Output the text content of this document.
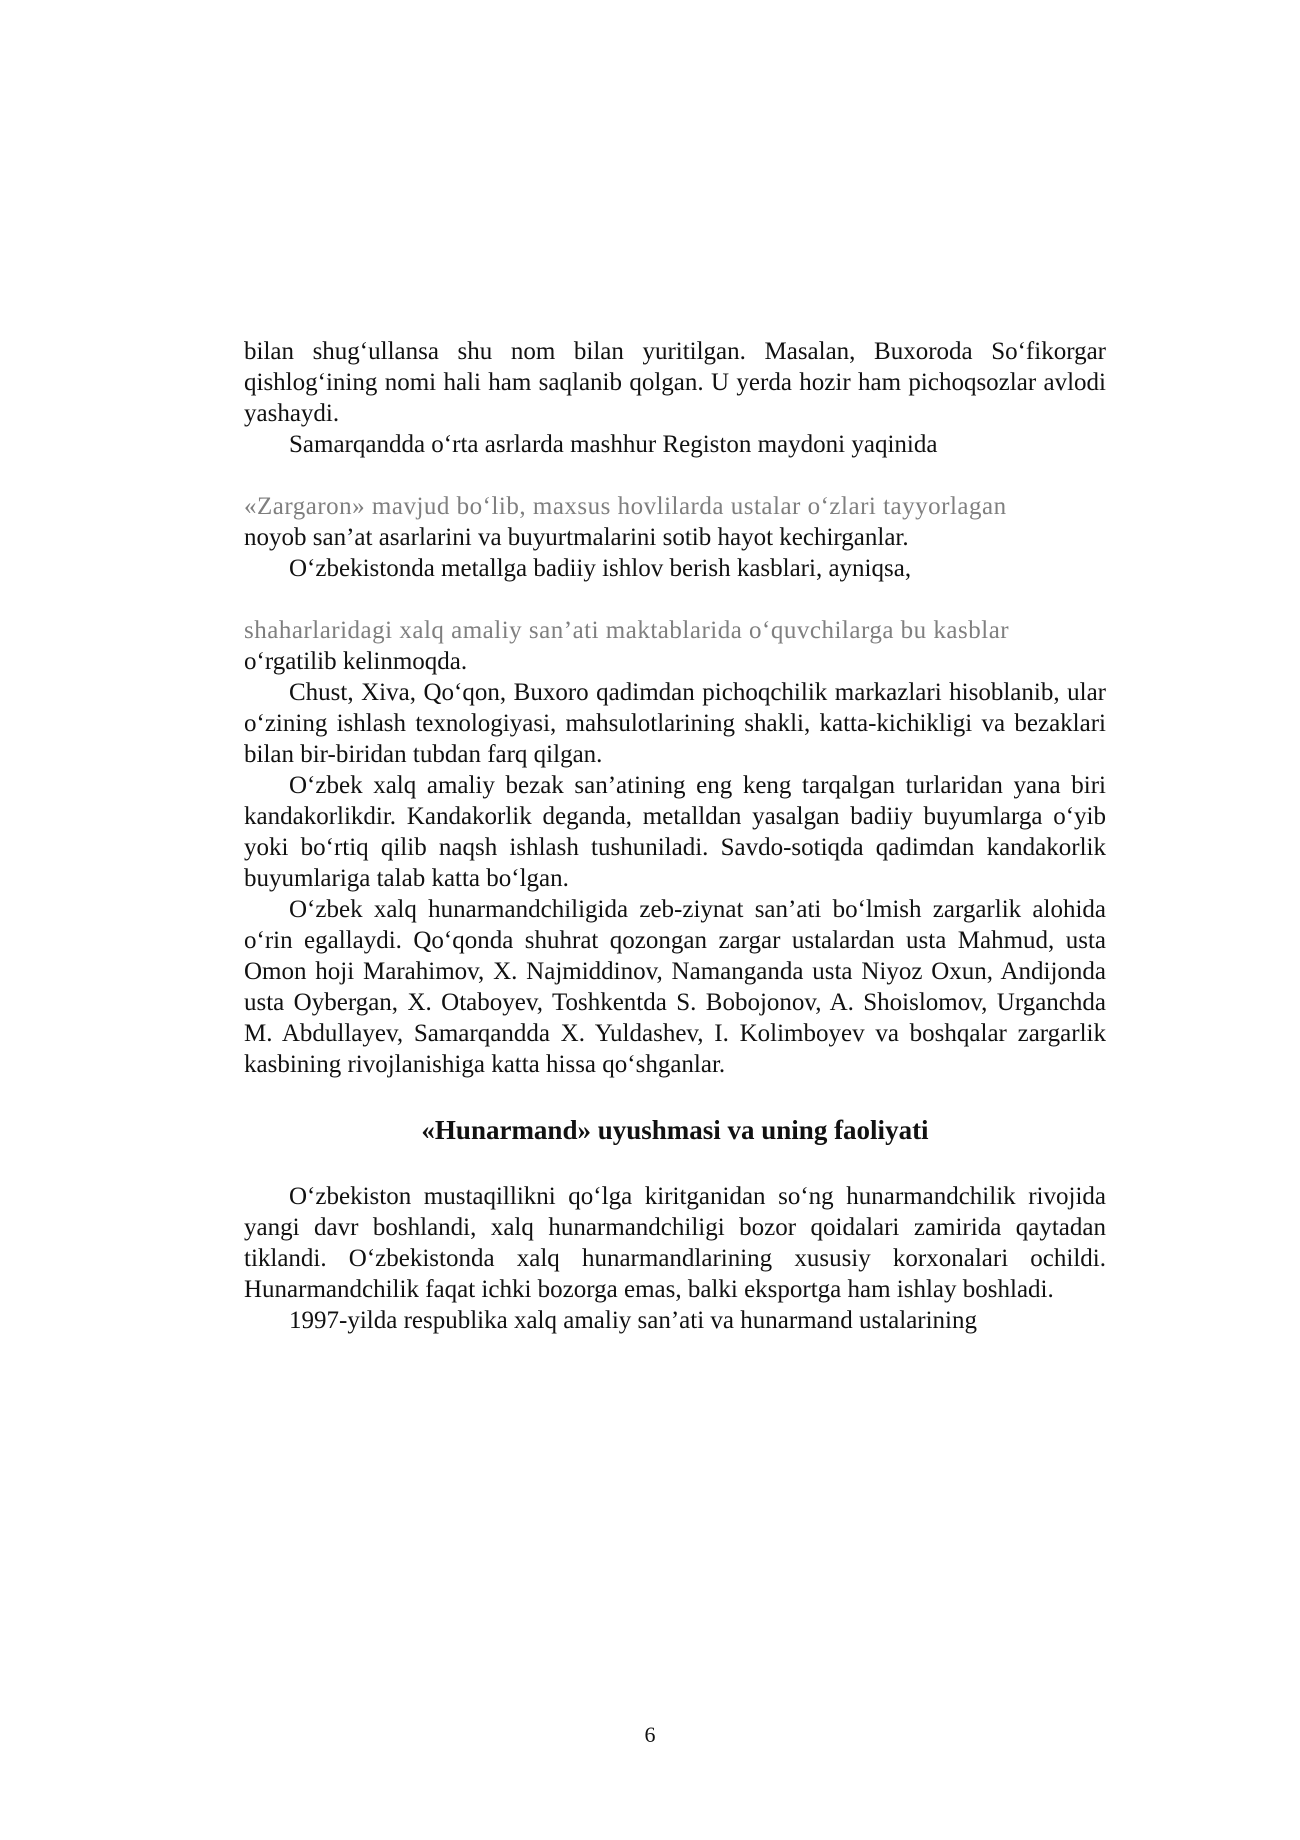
bilan shug‘ullansa shu nom bilan yuritilgan. Masalan, Buxoroda So‘fikorgar qishlog‘ining nomi hali ham saqlanib qolgan. U yerda hozir ham pichoqsozlar avlodi yashaydi.

Samarqandda o‘rta asrlarda mashhur Registon maydoni yaqinida

«Zargaron» mavjud bo‘lib, maxsus hovlilarda ustalar o‘zlari tayyorlagan

noyob san’at asarlarini va buyurtmalarini sotib hayot kechirganlar.

O‘zbekistonda metallga badiiy ishlov berish kasblari, ayniqsa,

shaharlaridagi xalq amaliy san’ati maktablarida o‘quvchilarga bu kasblar

o‘rgatilib kelinmoqda.

Chust, Xiva, Qo‘qon, Buxoro qadimdan pichoqchilik markazlari hisoblanib, ular o‘zining ishlash texnologiyasi, mahsulotlarining shakli, katta-kichikligi va bezaklari bilan bir-biridan tubdan farq qilgan.

O‘zbek xalq amaliy bezak san’atining eng keng tarqalgan turlaridan yana biri kandakorlikdir. Kandakorlik deganda, metalldan yasalgan badiiy buyumlarga o‘yib yoki bo‘rtiq qilib naqsh ishlash tushuniladi. Savdo-sotiqda qadimdan kandakorlik buyumlariga talab katta bo‘lgan.

O‘zbek xalq hunarmandchiligida zeb-ziynat san’ati bo‘lmish zargarlik alohida o‘rin egallaydi. Qo‘qonda shuhrat qozongan zargar ustalardan usta Mahmud, usta Omon hoji Marahimov, X. Najmiddinov, Namanganda usta Niyoz Oxun, Andijonda usta Oybergan, X. Otaboyev, Toshkentda S. Bobojonov, A. Shoislomov, Urganchda M. Abdullayev, Samarqandda X. Yuldashev, I. Kolimboyev va boshqalar zargarlik kasbining rivojlanishiga katta hissa qo‘shganlar.

«Hunarmand» uyushmasi va uning faoliyati

O‘zbekiston mustaqillikni qo‘lga kiritganidan so‘ng hunarmandchilik rivojida yangi davr boshlandi, xalq hunarmandchiligi bozor qoidalari zamirida qaytadan tiklandi. O‘zbekistonda xalq hunarmandlarining xususiy korxonalari ochildi. Hunarmandchilik faqat ichki bozorga emas, balki eksportga ham ishlay boshladi.

1997-yilda respublika xalq amaliy san’ati va hunarmand ustalarining

6
